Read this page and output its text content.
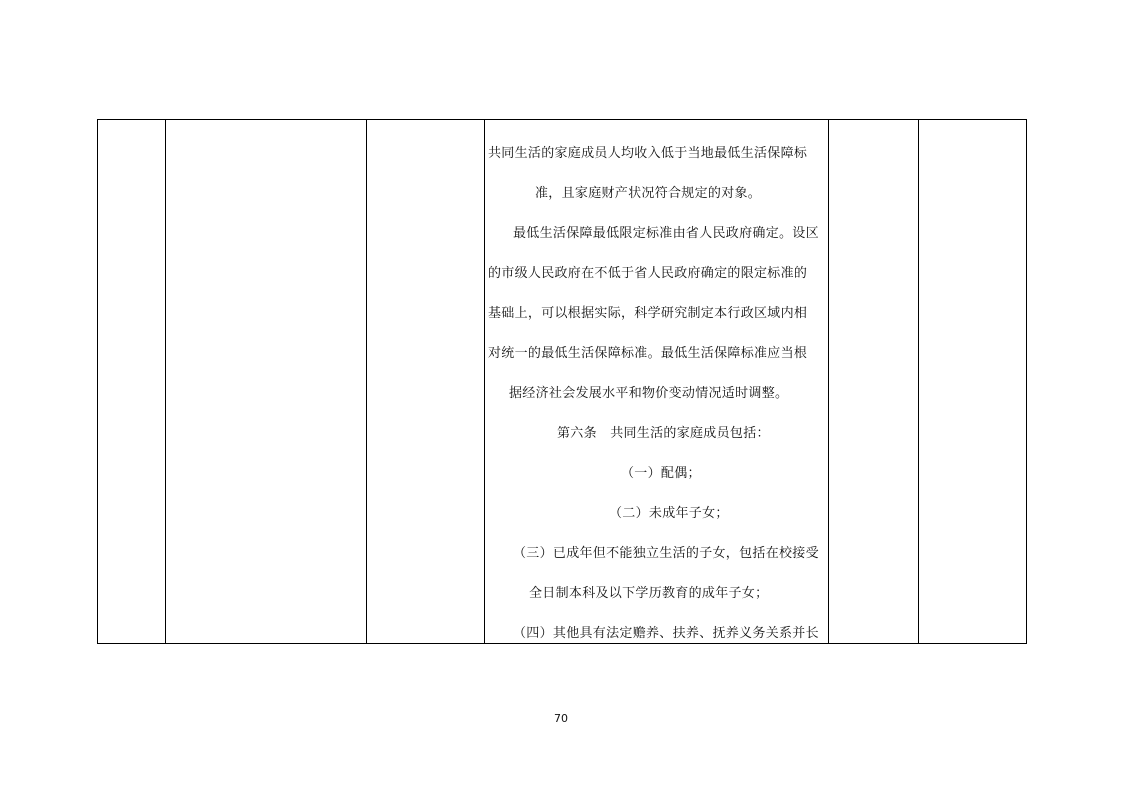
共同生活的家庭成员人均收入低于当地最低生活保障标
准，且家庭财产状况符合规定的对象。
最低生活保障最低限定标准由省人民政府确定。设区
的市级人民政府在不低于省人民政府确定的限定标准的
基础上，可以根据实际，科学研究制定本行政区域内相
对统一的最低生活保障标准。最低生活保障标准应当根
据经济社会发展水平和物价变动情况适时调整。
第六条　共同生活的家庭成员包括：
（一）配偶；
（二）未成年子女；
（三）已成年但不能独立生活的子女，包括在校接受
全日制本科及以下学历教育的成年子女；
（四）其他具有法定赡养、扶养、抚养义务关系并长
70
